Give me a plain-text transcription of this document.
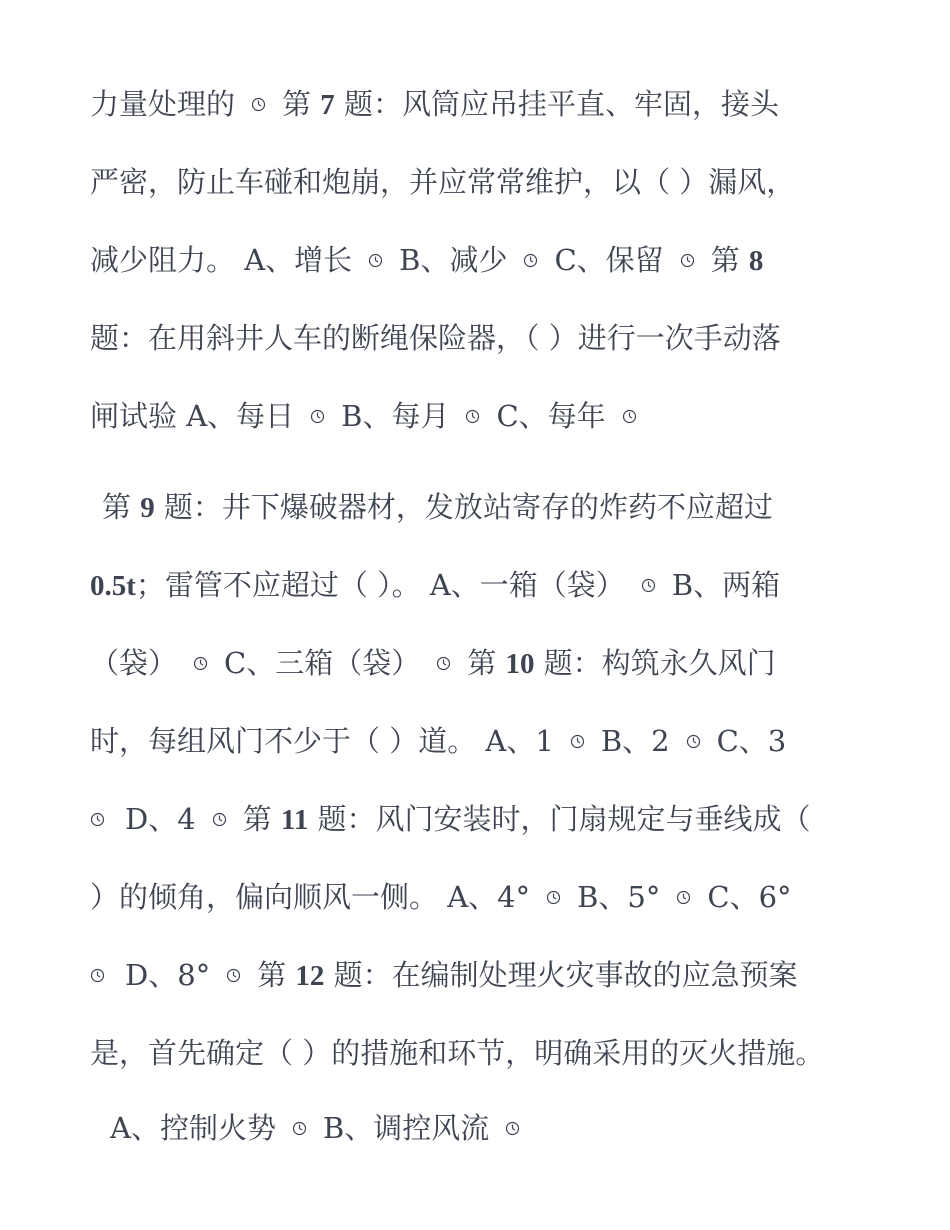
力量处理的 第 7 题：风筒应吊挂平直、牢固，接头
严密，防止车碰和炮崩，并应常常维护，以（ ）漏风，
减少阻力。 A、增长 B、减少 C、保留 第 8
题：在用斜井人车的断绳保险器，（ ）进行一次手动落
闸试验 A、每日 B、每月 C、每年
第 9 题：井下爆破器材，发放站寄存的炸药不应超过
0.5t；雷管不应超过（ ）。 A、一箱（袋） B、两箱
（袋） C、三箱（袋） 第 10 题：构筑永久风门
时，每组风门不少于（ ）道。 A、1 B、2 C、3
D、4 第 11 题：风门安装时，门扇规定与垂线成（
）的倾角，偏向顺风一侧。 A、4° B、5° C、6°
D、8° 第 12 题：在编制处理火灾事故的应急预案
是，首先确定（ ）的措施和环节，明确采用的灭火措施。
A、控制火势 B、调控风流
